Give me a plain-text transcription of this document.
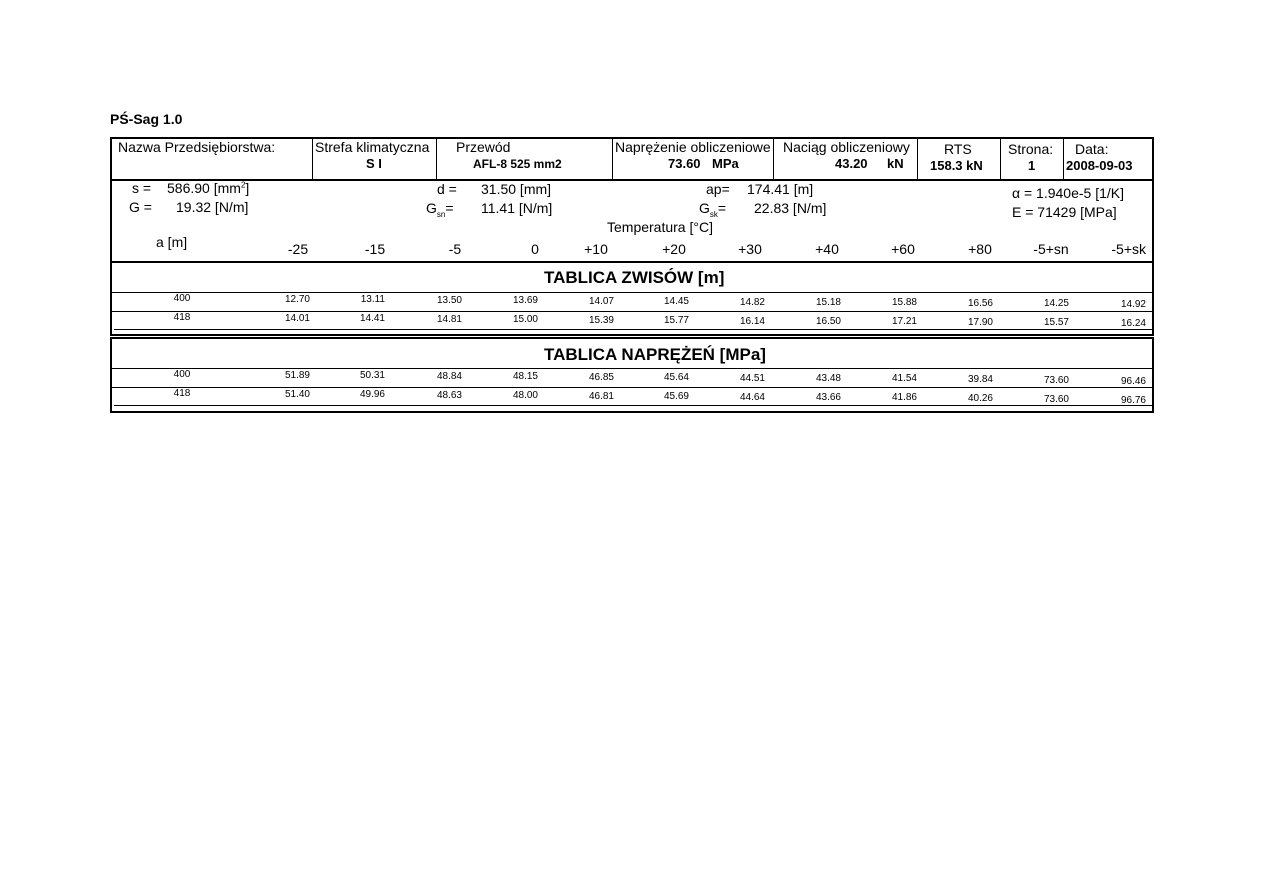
PŚ-Sag 1.0
Nazwa Przedsiębiorstwa:	Strefa klimatyczna
S I
Przewód
AFL-8 525 mm2
Naprężenie obliczeniowe
73.60 MPa
Naciąg obliczeniowy
43.20 kN
RTS
158.3 kN
Strona:
1
Data:
2008-09-03
s = 586.90 $[mm^2]$
G = 19.32 [N/m]
d = 31.50 [mm]
$G_{sn}= 11.41$ [N/m]
ap= 174.41 [m]
$G_{sk}= 22.83$ [N/m]
α = 1.940e-5 [1/K]
E = 71429 [MPa]
Temperatura [°C]
a [m]	-25	-15	-5	0	+10	+20	+30	+40	+60	+80	-5+sn	-5+sk
TABLICA ZWISÓW [m]
400	12.70	13.11	13.50	13.69	14.07	14.45	14.82	15.18	15.88	16.56	14.25	14.92
418	14.01	14.41	14.81	15.00	15.39	15.77	16.14	16.50	17.21	17.90	15.57	16.24
TABLICA NAPRĘŻEŃ [MPa]
400	51.89	50.31	48.84	48.15	46.85	45.64	44.51	43.48	41.54	39.84	73.60	96.46
418	51.40	49.96	48.63	48.00	46.81	45.69	44.64	43.66	41.86	40.26	73.60	96.76
